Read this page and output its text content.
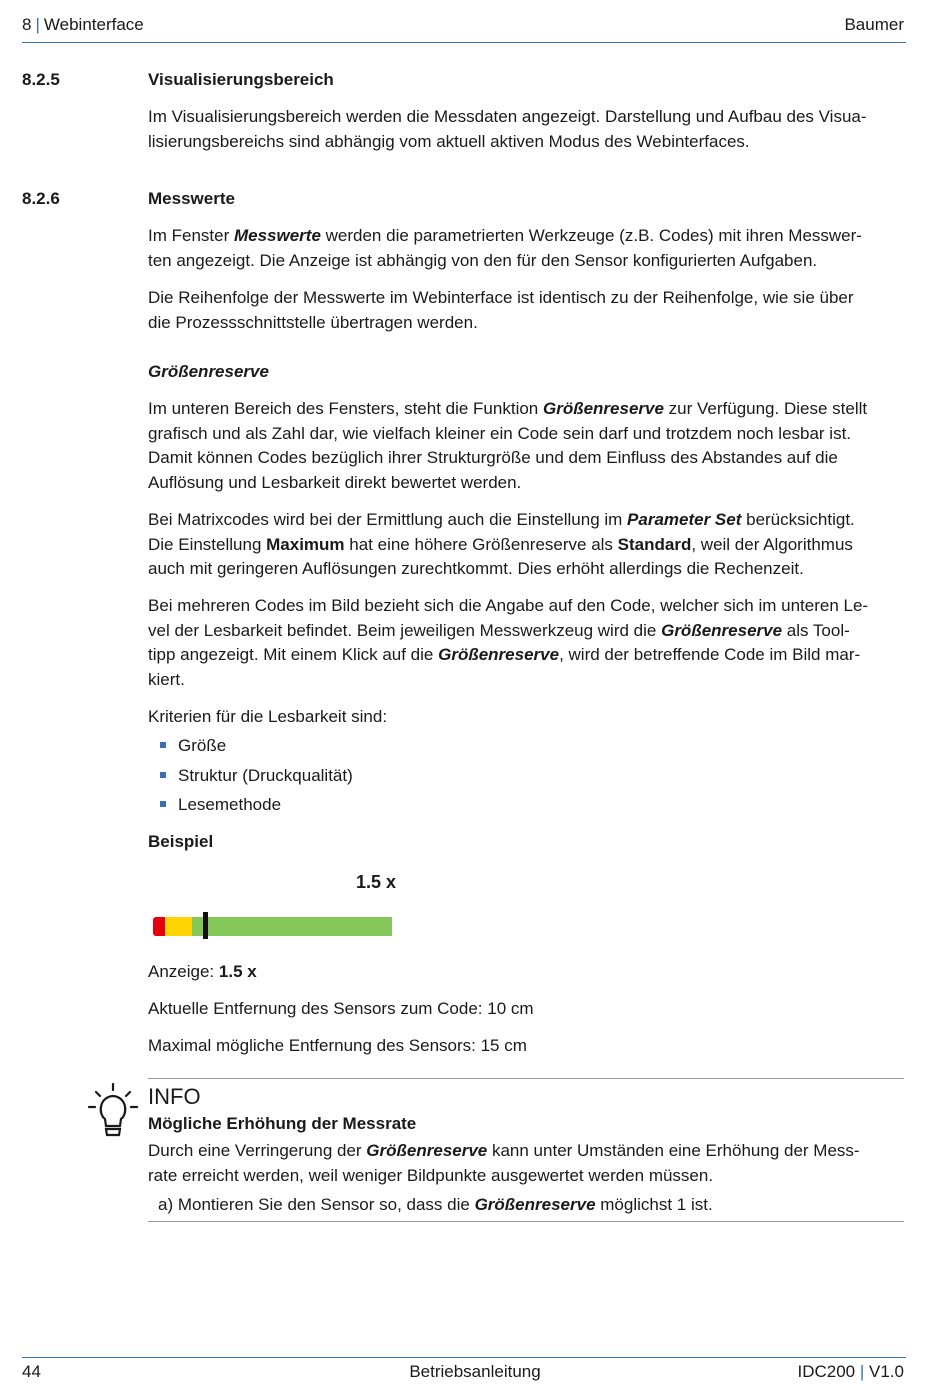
8 | Webinterface	Baumer
8.2.5	Visualisierungsbereich

Im Visualisierungsbereich werden die Messdaten angezeigt. Darstellung und Aufbau des Visua-
lisierungsbereichs sind abhängig vom aktuell aktiven Modus des Webinterfaces.

8.2.6	Messwerte

Im Fenster Messwerte werden die parametrierten Werkzeuge (z.B. Codes) mit ihren Messwer-
ten angezeigt. Die Anzeige ist abhängig von den für den Sensor konfigurierten Aufgaben.

Die Reihenfolge der Messwerte im Webinterface ist identisch zu der Reihenfolge, wie sie über
die Prozessschnittstelle übertragen werden.

Größenreserve

Im unteren Bereich des Fensters, steht die Funktion Größenreserve zur Verfügung. Diese stellt
grafisch und als Zahl dar, wie vielfach kleiner ein Code sein darf und trotzdem noch lesbar ist.
Damit können Codes bezüglich ihrer Strukturgröße und dem Einfluss des Abstandes auf die
Auflösung und Lesbarkeit direkt bewertet werden.

Bei Matrixcodes wird bei der Ermittlung auch die Einstellung im Parameter Set berücksichtigt.
Die Einstellung Maximum hat eine höhere Größenreserve als Standard, weil der Algorithmus
auch mit geringeren Auflösungen zurechtkommt. Dies erhöht allerdings die Rechenzeit.

Bei mehreren Codes im Bild bezieht sich die Angabe auf den Code, welcher sich im unteren Le-
vel der Lesbarkeit befindet. Beim jeweiligen Messwerkzeug wird die Größenreserve als Tool-
tipp angezeigt. Mit einem Klick auf die Größenreserve, wird der betreffende Code im Bild mar-
kiert.

Kriterien für die Lesbarkeit sind:

Größe
Struktur (Druckqualität)
Lesemethode
Beispiel
1.5 x

Anzeige: 1.5 x

Aktuelle Entfernung des Sensors zum Code: 10 cm

Maximal mögliche Entfernung des Sensors: 15 cm

INFO
Mögliche Erhöhung der Messrate

Durch eine Verringerung der Größenreserve kann unter Umständen eine Erhöhung der Mess-
rate erreicht werden, weil weniger Bildpunkte ausgewertet werden müssen.

a) Montieren Sie den Sensor so, dass die Größenreserve möglichst 1 ist.
44	Betriebsanleitung	IDC200 | V1.0
